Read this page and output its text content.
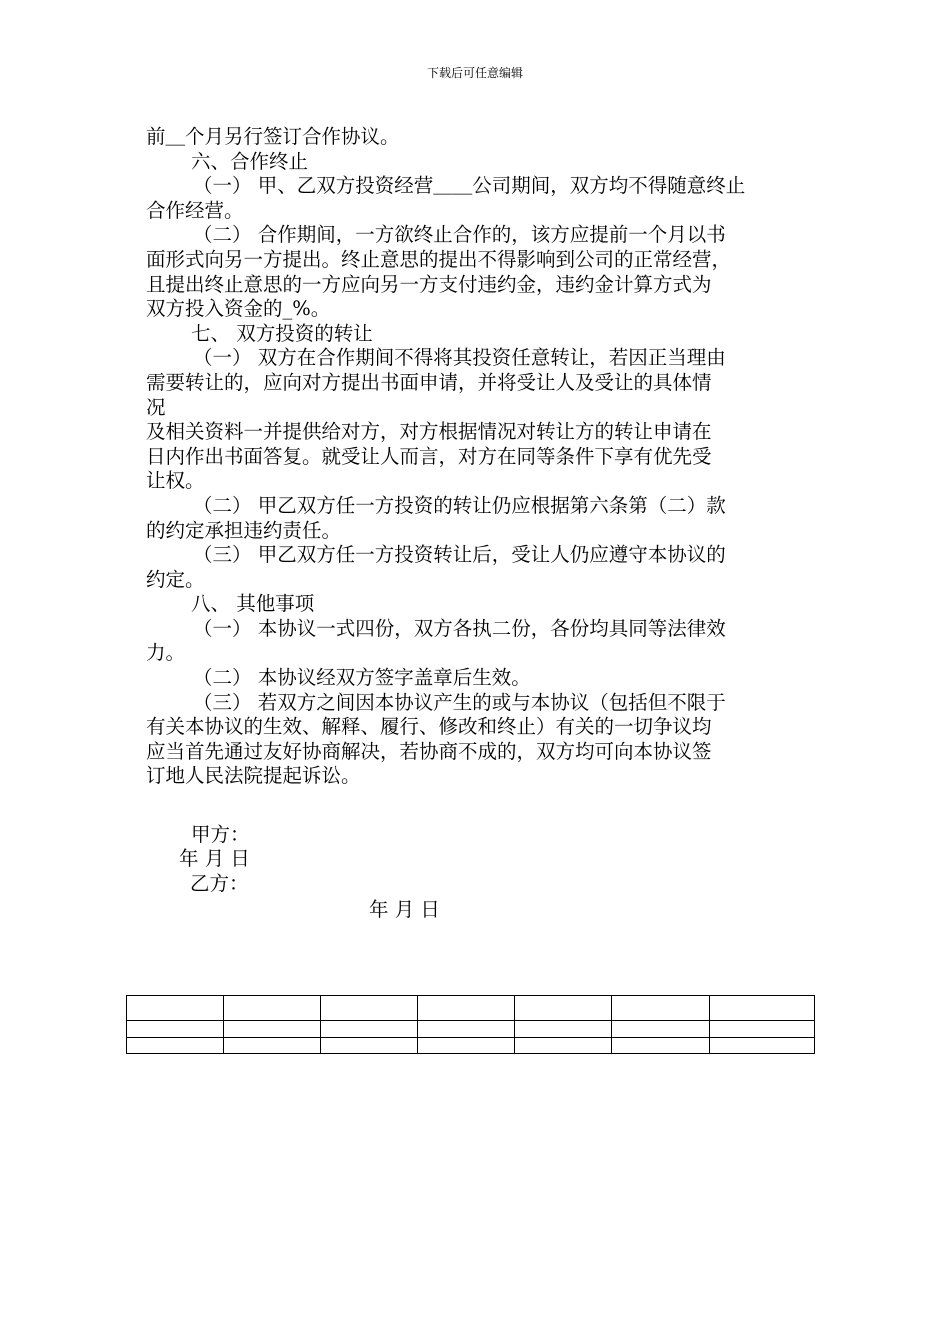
下载后可任意编辑
前＿个月另行签订合作协议。
六、合作终止
（一） 甲、乙双方投资经营＿＿公司期间，双方均不得随意终止
合作经营。
（二） 合作期间，一方欲终止合作的，该方应提前一个月以书
面形式向另一方提出。终止意思的提出不得影响到公司的正常经营，
且提出终止意思的一方应向另一方支付违约金，违约金计算方式为
双方投入资金的_%。
七、 双方投资的转让
（一） 双方在合作期间不得将其投资任意转让，若因正当理由
需要转让的，应向对方提出书面申请，并将受让人及受让的具体情
况
及相关资料一并提供给对方，对方根据情况对转让方的转让申请在
日内作出书面答复。就受让人而言，对方在同等条件下享有优先受
让权。
（二） 甲乙双方任一方投资的转让仍应根据第六条第（二）款
的约定承担违约责任。
（三） 甲乙双方任一方投资转让后，受让人仍应遵守本协议的
约定。
八、 其他事项
（一） 本协议一式四份，双方各执二份，各份均具同等法律效
力。
（二） 本协议经双方签字盖章后生效。
（三） 若双方之间因本协议产生的或与本协议（包括但不限于
有关本协议的生效、解释、履行、修改和终止）有关的一切争议均
应当首先通过友好协商解决，若协商不成的，双方均可向本协议签
订地人民法院提起诉讼。
甲方：
年 月 日
乙方：
年 月 日
